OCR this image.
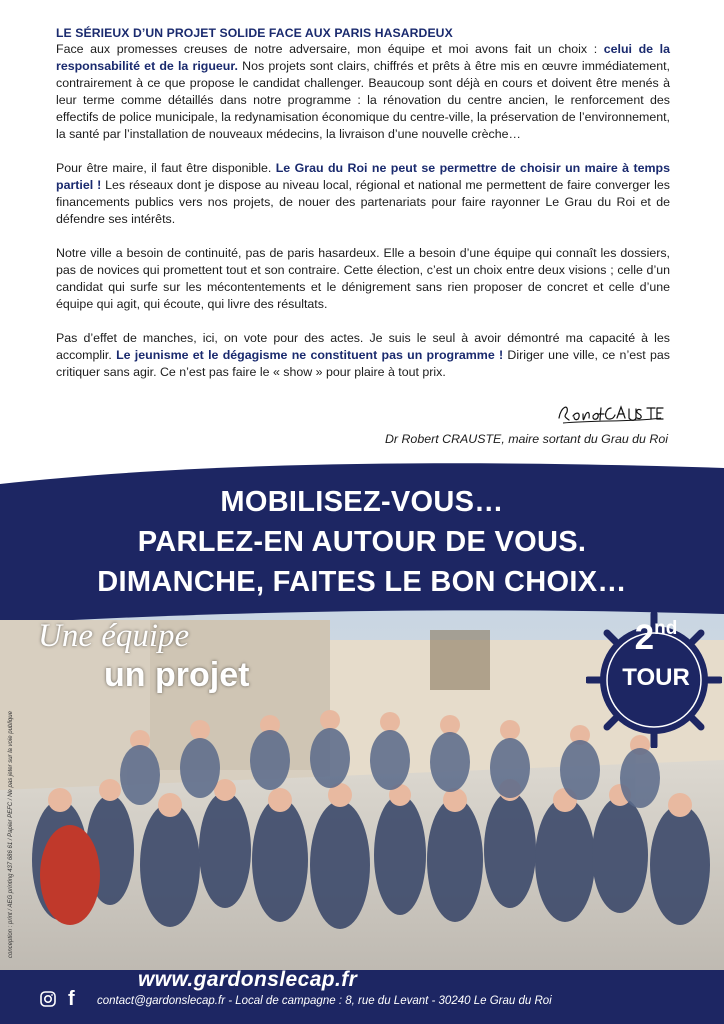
LE SÉRIEUX D’UN PROJET SOLIDE FACE AUX PARIS HASARDEUX

Face aux promesses creuses de notre adversaire, mon équipe et moi avons fait un choix : celui de la responsabilité et de la rigueur. Nos projets sont clairs, chiffrés et prêts à être mis en œuvre immédiatement, contrairement à ce que propose le candidat challenger. Beaucoup sont déjà en cours et doivent être menés à leur terme comme détaillés dans notre programme : la rénovation du centre ancien, le renforcement des effectifs de police municipale, la redynamisation économique du centre-ville, la préservation de l’environnement, la santé par l’installation de nouveaux médecins, la livraison d’une nouvelle crèche…

Pour être maire, il faut être disponible. Le Grau du Roi ne peut se permettre de choisir un maire à temps partiel ! Les réseaux dont je dispose au niveau local, régional et national me permettent de faire converger les financements publics vers nos projets, de nouer des partenariats pour faire rayonner Le Grau du Roi et de défendre ses intérêts.

Notre ville a besoin de continuité, pas de paris hasardeux. Elle a besoin d’une équipe qui connaît les dossiers, pas de novices qui promettent tout et son contraire. Cette élection, c’est un choix entre deux visions ; celle d’un candidat qui surfe sur les mécontentements et le dénigrement sans rien proposer de concret et celle d’une équipe qui agit, qui écoute, qui livre des résultats.

Pas d’effet de manches, ici, on vote pour des actes. Je suis le seul à avoir démontré ma capacité à les accomplir. Le jeunisme et le dégagisme ne constituent pas un programme ! Diriger une ville, ce n’est pas critiquer sans agir. Ce n’est pas faire le « show » pour plaire à tout prix.

Dr Robert CRAUSTE, maire sortant du Grau du Roi
MOBILISEZ-VOUS…
PARLEZ-EN AUTOUR DE VOUS.
DIMANCHE, FAITES LE BON CHOIX…
Une équipe
un projet
2nd
TOUR
conception : print / AEG printing 437 686 61 / Papier PEFC / Ne pas jeter sur la voie publique
www.gardonslecap.fr
f contact@gardonslecap.fr - Local de campagne : 8, rue du Levant - 30240 Le Grau du Roi
